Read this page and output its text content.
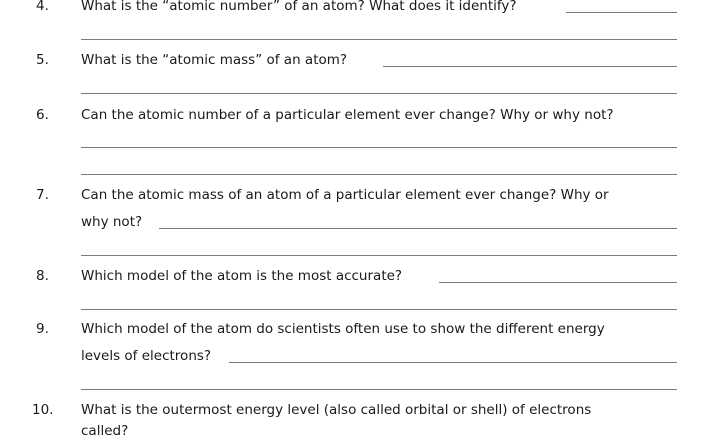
4. What is the “atomic number” of an atom? What does it identify?
5. What is the “atomic mass” of an atom?
6. Can the atomic number of a particular element ever change? Why or why not?
7. Can the atomic mass of an atom of a particular element ever change? Why or
why not?
8. Which model of the atom is the most accurate?
9. Which model of the atom do scientists often use to show the different energy
levels of electrons?
10. What is the outermost energy level (also called orbital or shell) of electrons
called?
